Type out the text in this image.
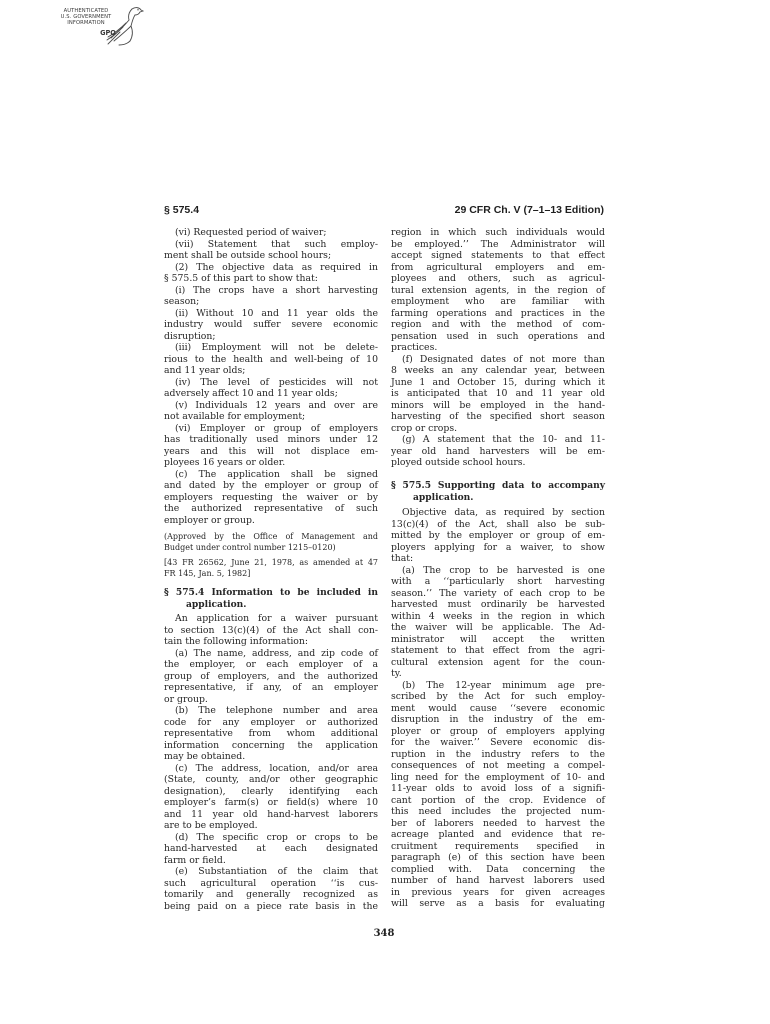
AUTHENTICATED
U.S. GOVERNMENT
INFORMATION
GPO
§ 575.4	29 CFR Ch. V (7–1–13 Edition)
(vi) Requested period of waiver;
(vii) Statement that such employ-
ment shall be outside school hours;
(2) The objective data as required in
§ 575.5 of this part to show that:
(i) The crops have a short harvesting
season;
(ii) Without 10 and 11 year olds the
industry would suffer severe economic
disruption;
(iii) Employment will not be delete-
rious to the health and well-being of 10
and 11 year olds;
(iv) The level of pesticides will not
adversely affect 10 and 11 year olds;
(v) Individuals 12 years and over are
not available for employment;
(vi) Employer or group of employers
has traditionally used minors under 12
years and this will not displace em-
ployees 16 years or older.
(c) The application shall be signed
and dated by the employer or group of
employers requesting the waiver or by
the authorized representative of such
employer or group.
(Approved by the Office of Management and
Budget under control number 1215–0120)
[43 FR 26562, June 21, 1978, as amended at 47
FR 145, Jan. 5, 1982]
§ 575.4 Information to be included in
application.
An application for a waiver pursuant
to section 13(c)(4) of the Act shall con-
tain the following information:
(a) The name, address, and zip code of
the employer, or each employer of a
group of employers, and the authorized
representative, if any, of an employer
or group.
(b) The telephone number and area
code for any employer or authorized
representative from whom additional
information concerning the application
may be obtained.
(c) The address, location, and/or area
(State, county, and/or other geographic
designation), clearly identifying each
employer’s farm(s) or field(s) where 10
and 11 year old hand-harvest laborers
are to be employed.
(d) The specific crop or crops to be
hand-harvested at each designated
farm or field.
(e) Substantiation of the claim that
such agricultural operation ‘‘is cus-
tomarily and generally recognized as
being paid on a piece rate basis in the
region in which such individuals would
be employed.’’ The Administrator will
accept signed statements to that effect
from agricultural employers and em-
ployees and others, such as agricul-
tural extension agents, in the region of
employment who are familiar with
farming operations and practices in the
region and with the method of com-
pensation used in such operations and
practices.
(f) Designated dates of not more than
8 weeks an any calendar year, between
June 1 and October 15, during which it
is anticipated that 10 and 11 year old
minors will be employed in the hand-
harvesting of the specified short season
crop or crops.
(g) A statement that the 10- and 11-
year old hand harvesters will be em-
ployed outside school hours.
§ 575.5 Supporting data to accompany
application.
Objective data, as required by section
13(c)(4) of the Act, shall also be sub-
mitted by the employer or group of em-
ployers applying for a waiver, to show
that:
(a) The crop to be harvested is one
with a ‘‘particularly short harvesting
season.’’ The variety of each crop to be
harvested must ordinarily be harvested
within 4 weeks in the region in which
the waiver will be applicable. The Ad-
ministrator will accept the written
statement to that effect from the agri-
cultural extension agent for the coun-
ty.
(b) The 12-year minimum age pre-
scribed by the Act for such employ-
ment would cause ‘‘severe economic
disruption in the industry of the em-
ployer or group of employers applying
for the waiver.’’ Severe economic dis-
ruption in the industry refers to the
consequences of not meeting a compel-
ling need for the employment of 10- and
11-year olds to avoid loss of a signifi-
cant portion of the crop. Evidence of
this need includes the projected num-
ber of laborers needed to harvest the
acreage planted and evidence that re-
cruitment requirements specified in
paragraph (e) of this section have been
complied with. Data concerning the
number of hand harvest laborers used
in previous years for given acreages
will serve as a basis for evaluating
348
